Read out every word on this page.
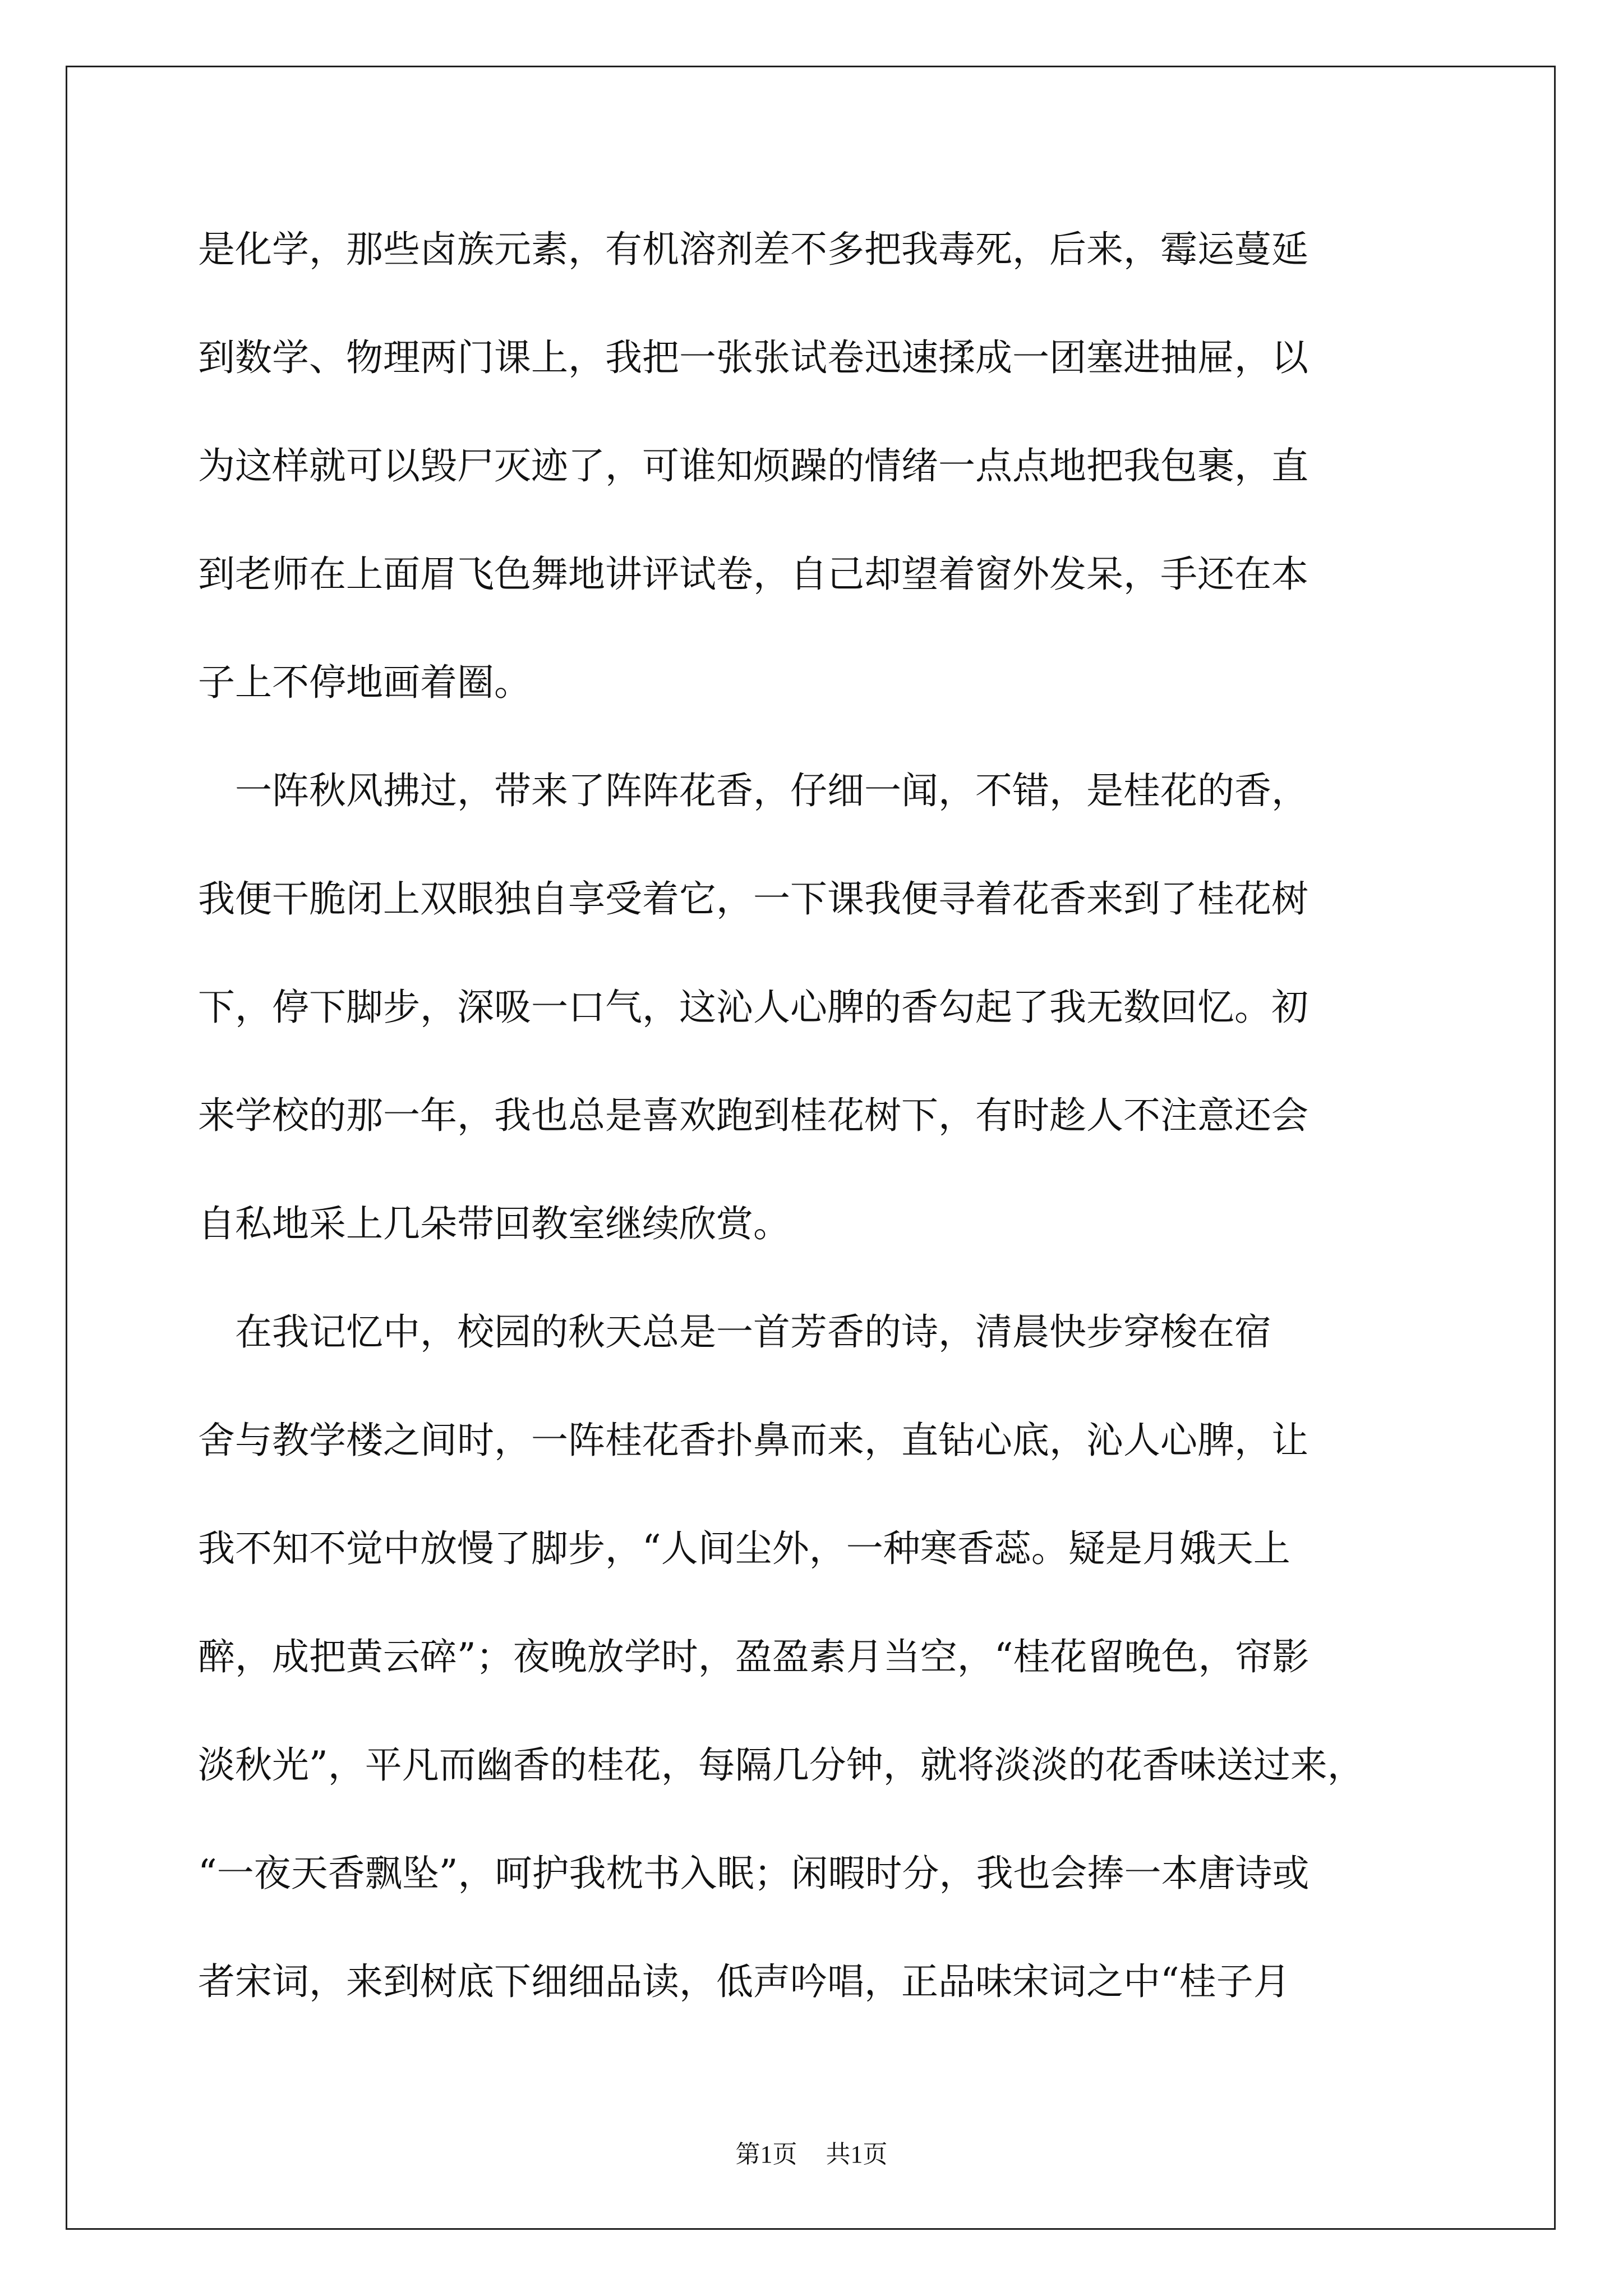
是化学，那些卤族元素，有机溶剂差不多把我毒死，后来，霉运蔓延
到数学、物理两门课上，我把一张张试卷迅速揉成一团塞进抽屉，以
为这样就可以毁尸灭迹了，可谁知烦躁的情绪一点点地把我包裹，直
到老师在上面眉飞色舞地讲评试卷，自己却望着窗外发呆，手还在本
子上不停地画着圈。
　一阵秋风拂过，带来了阵阵花香，仔细一闻，不错，是桂花的香，
我便干脆闭上双眼独自享受着它，一下课我便寻着花香来到了桂花树
下，停下脚步，深吸一口气，这沁人心脾的香勾起了我无数回忆。初
来学校的那一年，我也总是喜欢跑到桂花树下，有时趁人不注意还会
自私地采上几朵带回教室继续欣赏。
　在我记忆中，校园的秋天总是一首芳香的诗，清晨快步穿梭在宿
舍与教学楼之间时，一阵桂花香扑鼻而来，直钻心底，沁人心脾，让
我不知不觉中放慢了脚步，“人间尘外，一种寒香蕊。疑是月娥天上
醉，成把黄云碎”；夜晚放学时，盈盈素月当空，“桂花留晚色，帘影
淡秋光”，平凡而幽香的桂花，每隔几分钟，就将淡淡的花香味送过来，
“一夜天香飘坠”，呵护我枕书入眠；闲暇时分，我也会捧一本唐诗或
者宋词，来到树底下细细品读，低声吟唱，正品味宋词之中“桂子月
第1页 共1页
